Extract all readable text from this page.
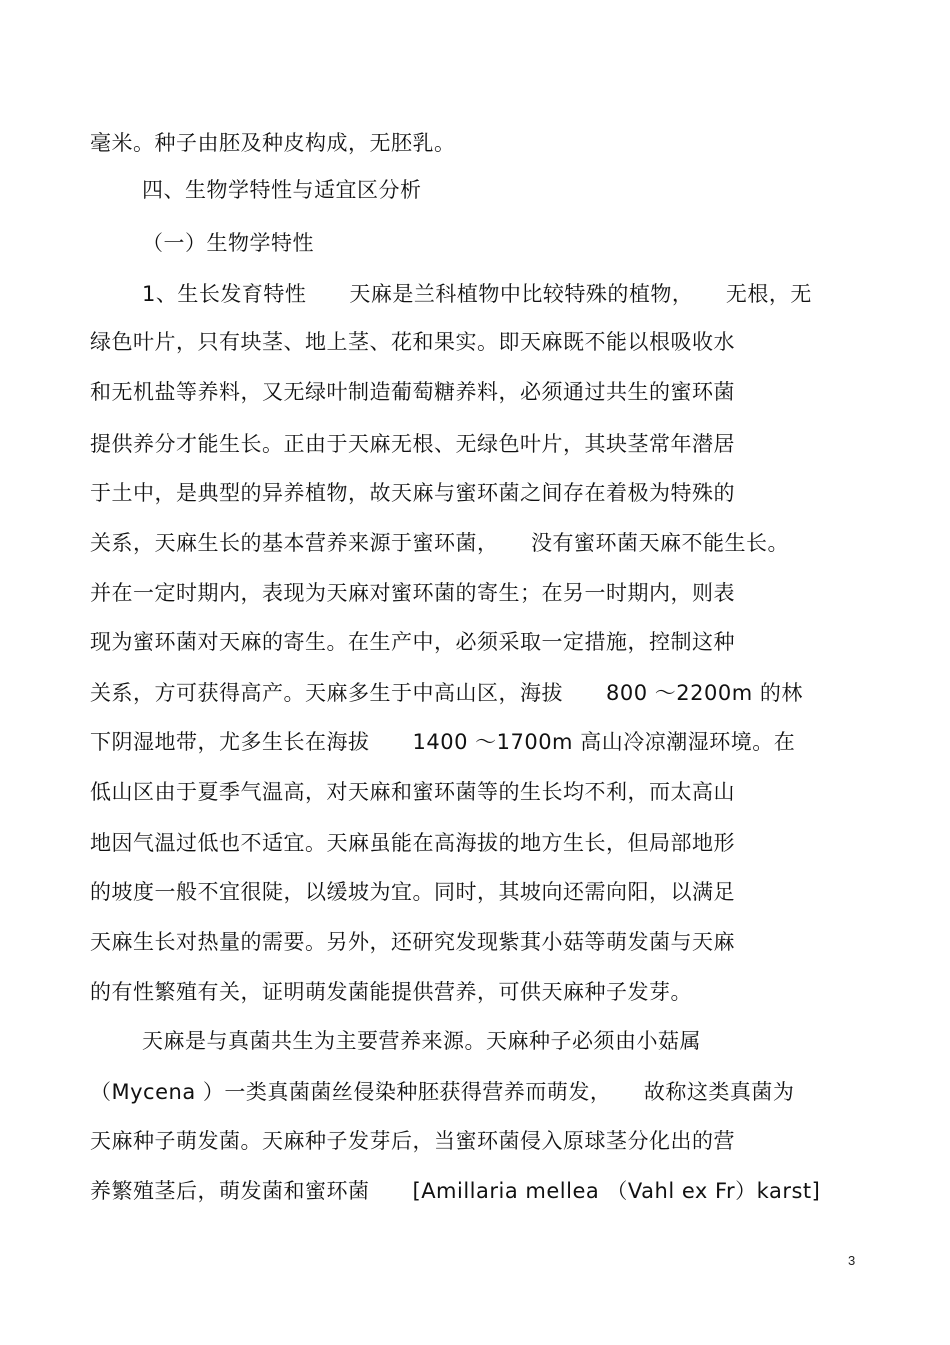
毫米。种子由胚及种皮构成，无胚乳。

四、生物学特性与适宜区分析

（一）生物学特性

1、生长发育特性　　天麻是兰科植物中比较特殊的植物，　　无根，无

绿色叶片，只有块茎、地上茎、花和果实。即天麻既不能以根吸收水

和无机盐等养料，又无绿叶制造葡萄糖养料，必须通过共生的蜜环菌

提供养分才能生长。正由于天麻无根、无绿色叶片，其块茎常年潜居

于土中，是典型的异养植物，故天麻与蜜环菌之间存在着极为特殊的

关系，天麻生长的基本营养来源于蜜环菌，　　没有蜜环菌天麻不能生长。

并在一定时期内，表现为天麻对蜜环菌的寄生；在另一时期内，则表

现为蜜环菌对天麻的寄生。在生产中，必须采取一定措施，控制这种

关系，方可获得高产。天麻多生于中高山区，海拔　　800 ～2200m 的林

下阴湿地带，尤多生长在海拔　　1400 ～1700m 高山冷凉潮湿环境。在

低山区由于夏季气温高，对天麻和蜜环菌等的生长均不利，而太高山

地因气温过低也不适宜。天麻虽能在高海拔的地方生长，但局部地形

的坡度一般不宜很陡，以缓坡为宜。同时，其坡向还需向阳，以满足

天麻生长对热量的需要。另外，还研究发现紫萁小菇等萌发菌与天麻

的有性繁殖有关，证明萌发菌能提供营养，可供天麻种子发芽。

天麻是与真菌共生为主要营养来源。天麻种子必须由小菇属

（Mycena ）一类真菌菌丝侵染种胚获得营养而萌发，　　故称这类真菌为

天麻种子萌发菌。天麻种子发芽后，当蜜环菌侵入原球茎分化出的营

养繁殖茎后，萌发菌和蜜环菌　　[Amillaria mellea （Vahl ex Fr）karst]

3
